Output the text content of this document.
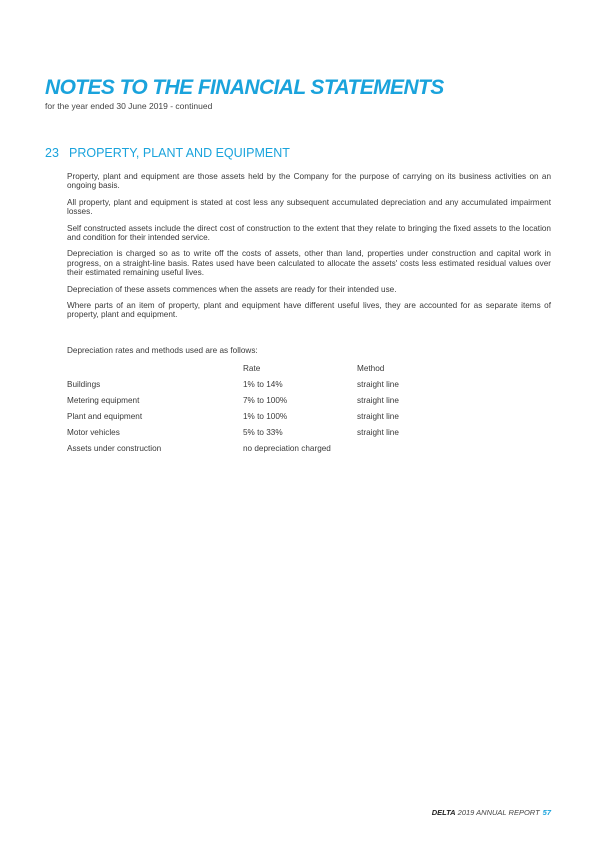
NOTES TO THE FINANCIAL STATEMENTS
for the year ended 30 June 2019 - continued
23 PROPERTY, PLANT AND EQUIPMENT

Property, plant and equipment are those assets held by the Company for the purpose of carrying on its business activities on an ongoing basis.

All property, plant and equipment is stated at cost less any subsequent accumulated depreciation and any accumulated impairment losses.

Self constructed assets include the direct cost of construction to the extent that they relate to bringing the fixed assets to the location and condition for their intended service.

Depreciation is charged so as to write off the costs of assets, other than land, properties under construction and capital work in progress, on a straight-line basis. Rates used have been calculated to allocate the assets' costs less estimated residual values over their estimated remaining useful lives.

Depreciation of these assets commences when the assets are ready for their intended use.

Where parts of an item of property, plant and equipment have different useful lives, they are accounted for as separate items of property, plant and equipment.

Depreciation rates and methods used are as follows:
	Rate	Method
Buildings	1% to 14%	straight line
Metering equipment	7% to 100%	straight line
Plant and equipment	1% to 100%	straight line
Motor vehicles	5% to 33%	straight line
Assets under construction	no depreciation charged	
DELTA 2019 ANNUAL REPORT 57
